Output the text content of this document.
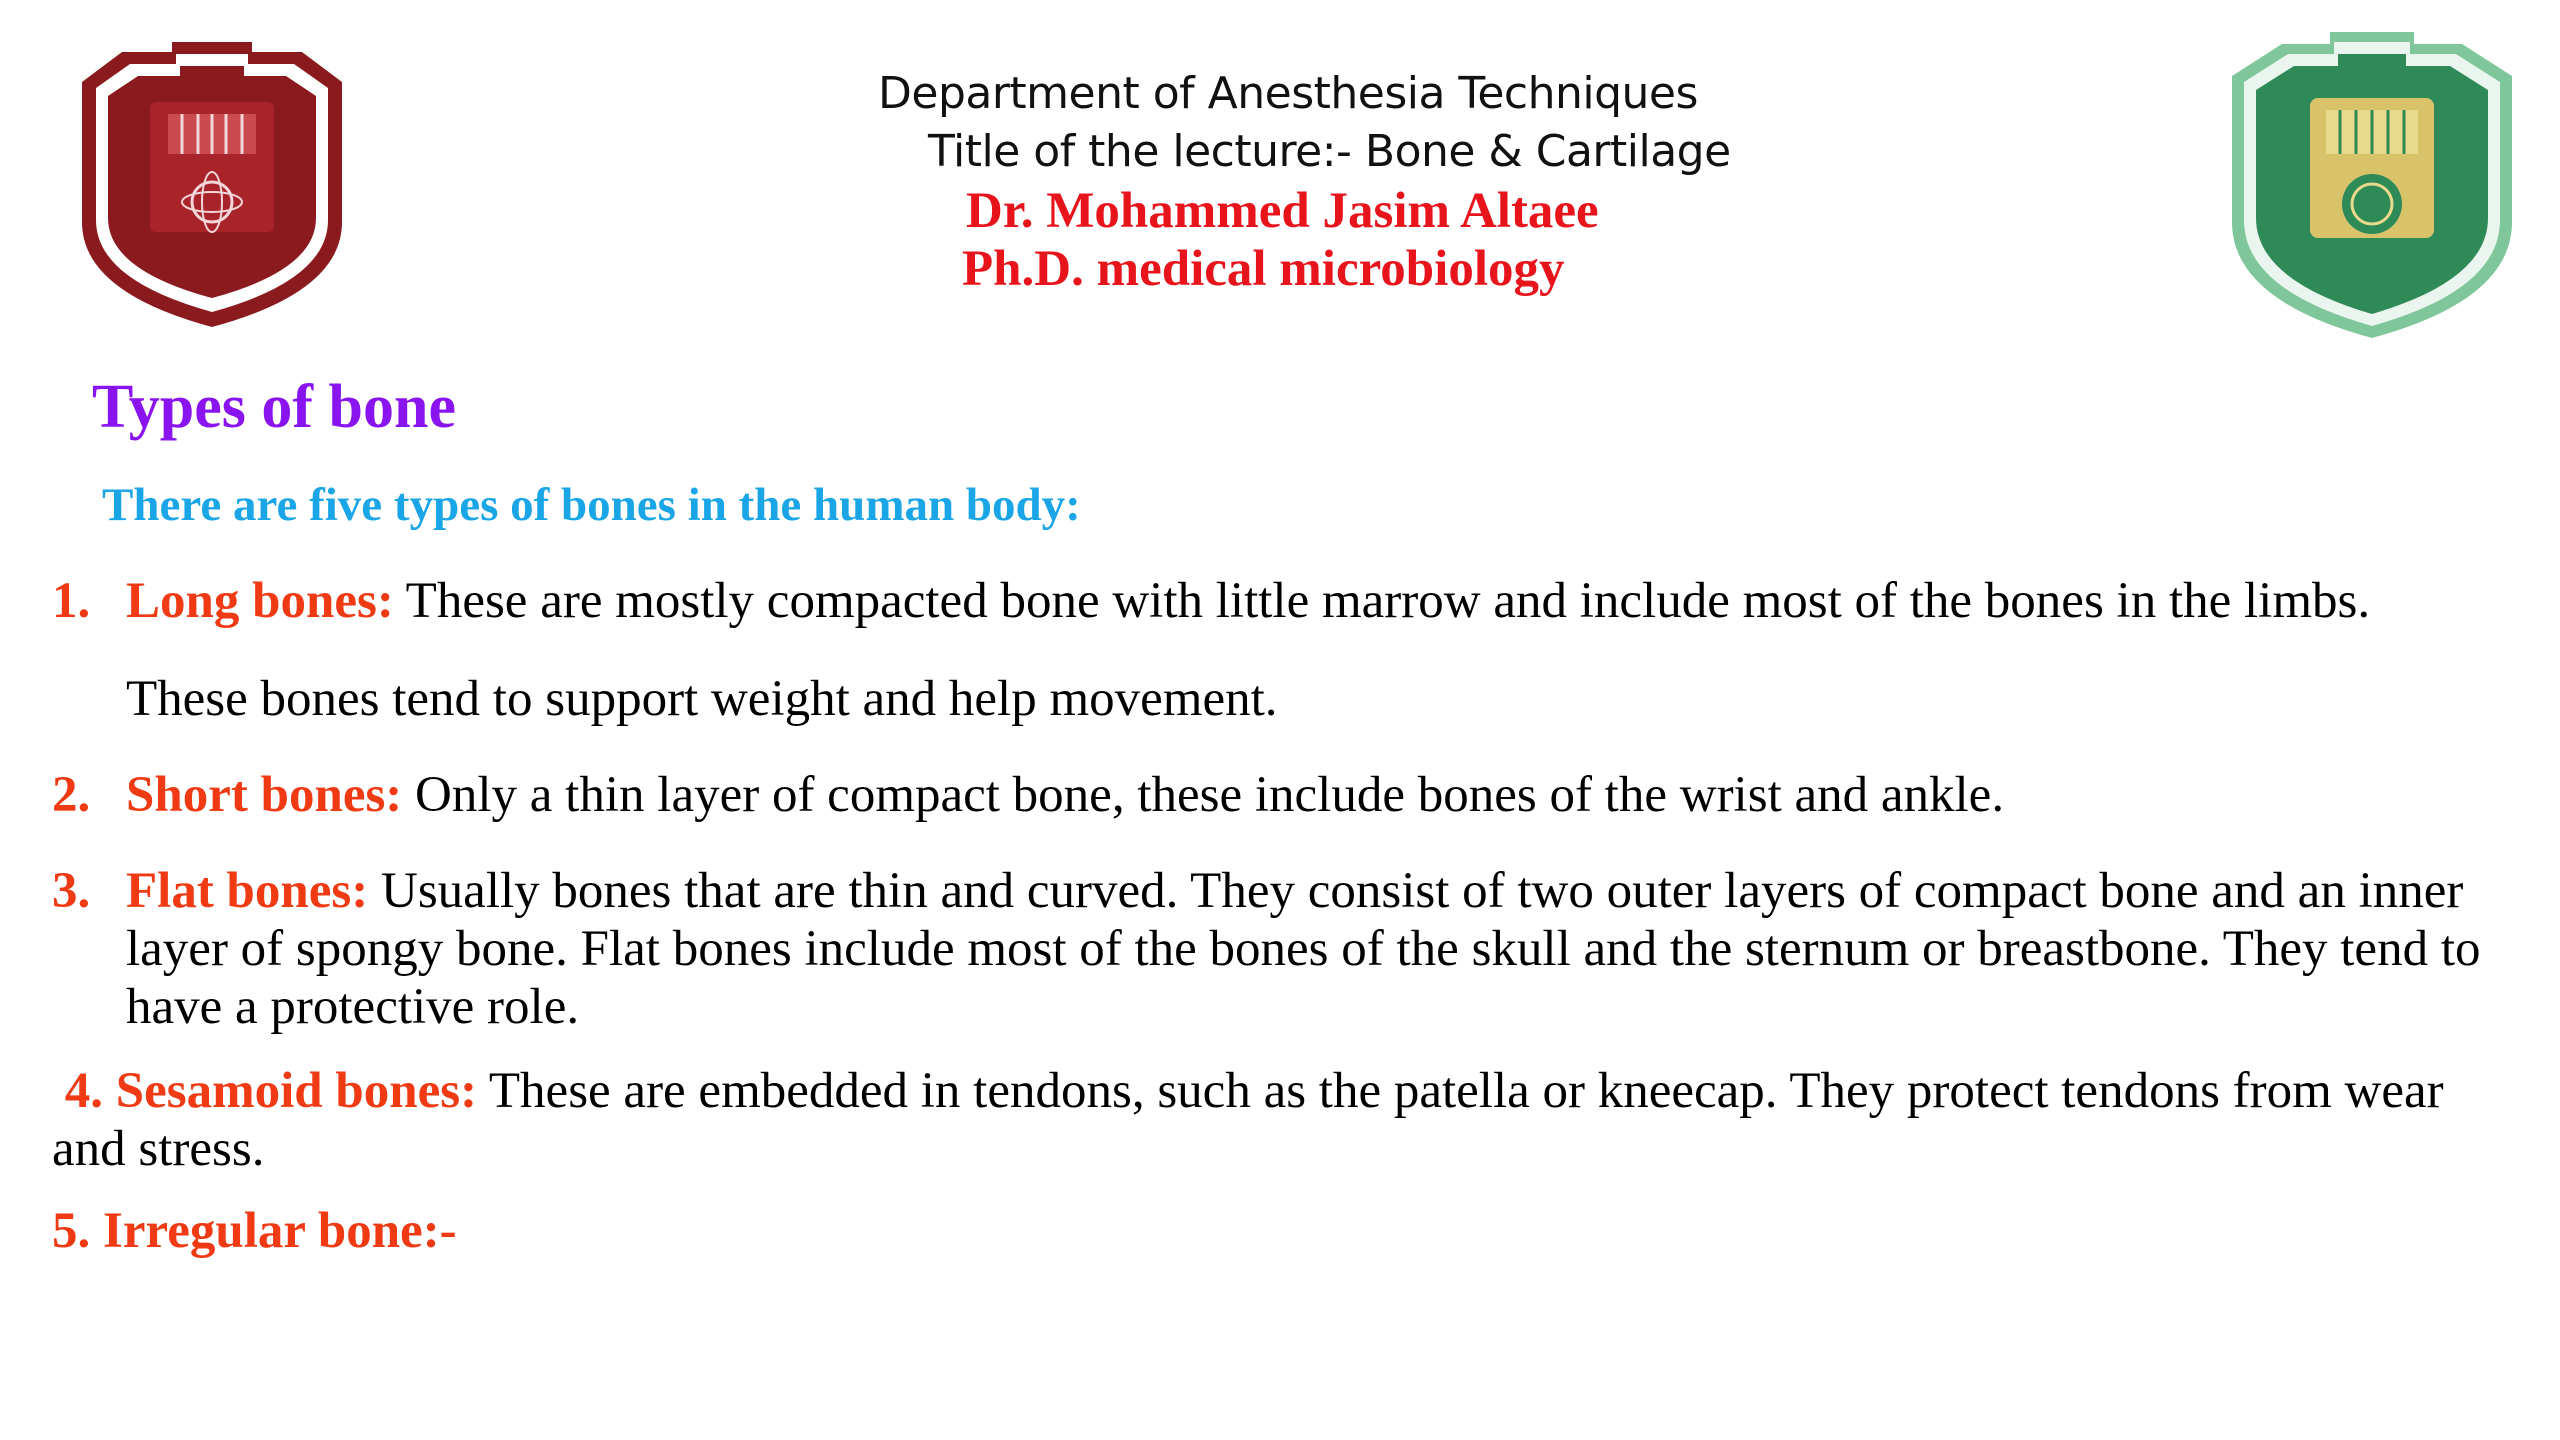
Department of Anesthesia Techniques
Title of the lecture:- Bone & Cartilage
Dr. Mohammed Jasim Altaee
Ph.D. medical microbiology
Types of bone
There are five types of bones in the human body:
1. Long bones: These are mostly compacted bone with little marrow and include most of the bones in the limbs.
These bones tend to support weight and help movement.
2. Short bones: Only a thin layer of compact bone, these include bones of the wrist and ankle.
3. Flat bones: Usually bones that are thin and curved. They consist of two outer layers of compact bone and an inner layer of spongy bone. Flat bones include most of the bones of the skull and the sternum or breastbone. They tend to have a protective role.
4. Sesamoid bones: These are embedded in tendons, such as the patella or kneecap. They protect tendons from wear and stress.
5. Irregular bone:-
